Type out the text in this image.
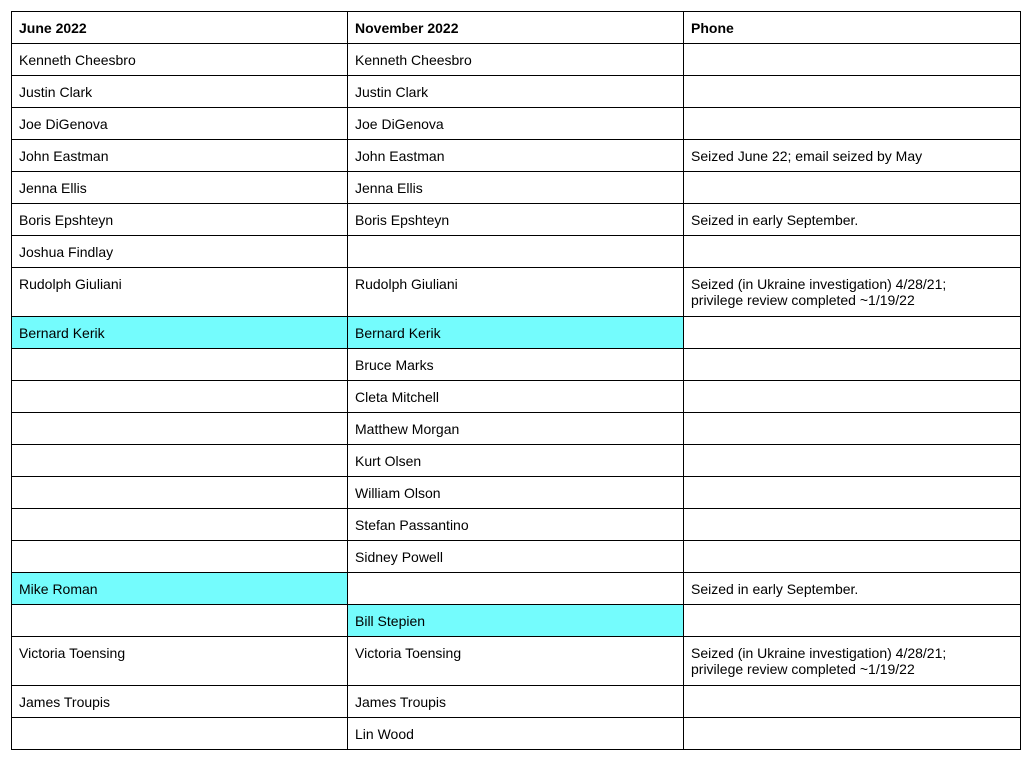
June 2022	November 2022	Phone
Kenneth Cheesbro	Kenneth Cheesbro	

Justin Clark	Justin Clark	

Joe DiGenova	Joe DiGenova	

John Eastman	John Eastman	Seized June 22; email seized by May

Jenna Ellis	Jenna Ellis	

Boris Epshteyn	Boris Epshteyn	Seized in early September.

Joshua Findlay		

Rudolph Giuliani	Rudolph Giuliani	Seized (in Ukraine investigation) 4/28/21;
privilege review completed ~1/19/22

Bernard Kerik	Bernard Kerik	

	Bruce Marks	

	Cleta Mitchell	

	Matthew Morgan	

	Kurt Olsen	

	William Olson	

	Stefan Passantino	

	Sidney Powell	

Mike Roman		Seized in early September.

	Bill Stepien	

Victoria Toensing	Victoria Toensing	Seized (in Ukraine investigation) 4/28/21;
privilege review completed ~1/19/22

James Troupis	James Troupis	

	Lin Wood	
